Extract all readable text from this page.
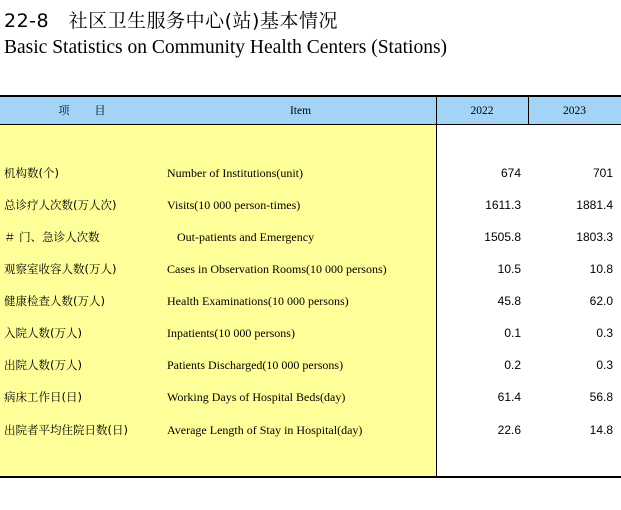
22-8　社区卫生服务中心(站)基本情况
Basic Statistics on Community Health Centers (Stations)
项　　目	Item	2022	2023
机构数(个)	Number of Institutions(unit)	674	701
总诊疗人次数(万人次)	Visits(10 000 person-times)	1611.3	1881.4
＃ 门、急诊人次数	Out-patients and Emergency	1505.8	1803.3
观察室收容人数(万人)	Cases in Observation Rooms(10 000 persons)	10.5	10.8
健康检查人数(万人)	Health Examinations(10 000 persons)	45.8	62.0
入院人数(万人)	Inpatients(10 000 persons)	0.1	0.3
出院人数(万人)	Patients Discharged(10 000 persons)	0.2	0.3
病床工作日(日)	Working Days of Hospital Beds(day)	61.4	56.8
出院者平均住院日数(日)	Average Length of Stay in Hospital(day)	22.6	14.8
